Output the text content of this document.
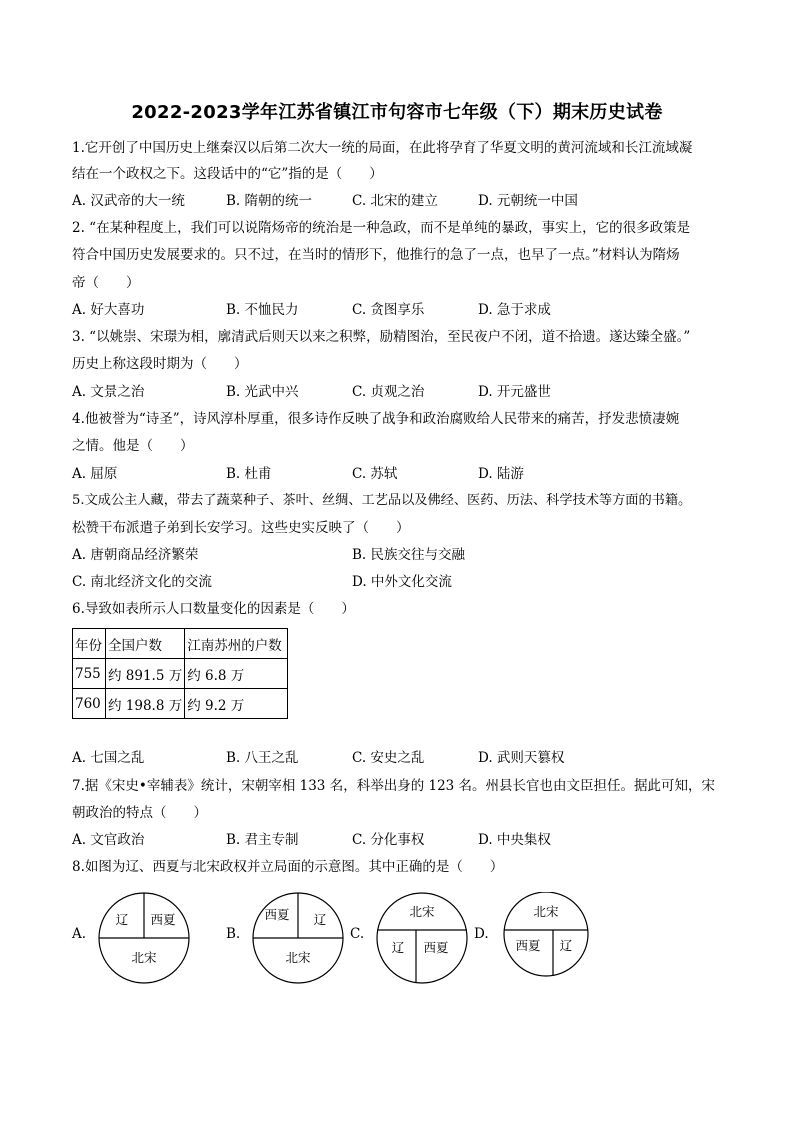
2022-2023学年江苏省镇江市句容市七年级（下）期末历史试卷
1.它开创了中国历史上继秦汉以后第二次大一统的局面，在此将孕育了华夏文明的黄河流域和长江流域凝
结在一个政权之下。这段话中的“它”指的是（　　）
A. 汉武帝的大一统	B. 隋朝的统一	C. 北宋的建立	D. 元朝统一中国
2. “在某种程度上，我们可以说隋炀帝的统治是一种急政，而不是单纯的暴政，事实上，它的很多政策是
符合中国历史发展要求的。只不过，在当时的情形下，他推行的急了一点，也早了一点。”材料认为隋炀
帝（　　）
A. 好大喜功	B. 不恤民力	C. 贪图享乐	D. 急于求成
3. “以姚崇、宋璟为相，廓清武后则天以来之积弊，励精图治，至民夜户不闭，道不拾遗。遂达臻全盛。”
历史上称这段时期为（　　）
A. 文景之治	B. 光武中兴	C. 贞观之治	D. 开元盛世
4.他被誉为“诗圣”，诗风淳朴厚重，很多诗作反映了战争和政治腐败给人民带来的痛苦，抒发悲愤凄婉
之情。他是（　　）
A. 屈原	B. 杜甫	C. 苏轼	D. 陆游
5.文成公主人藏，带去了蔬菜种子、茶叶、丝绸、工艺品以及佛经、医药、历法、科学技术等方面的书籍。
松赞干布派遣子弟到长安学习。这些史实反映了（　　）
A. 唐朝商品经济繁荣	B. 民族交往与交融
C. 南北经济文化的交流	D. 中外文化交流
6.导致如表所示人口数量变化的因素是（　　）
年份	全国户数	江南苏州的户数
755	约 891.5 万	约 6.8 万
760	约 198.8 万	约 9.2 万
A. 七国之乱	B. 八王之乱	C. 安史之乱	D. 武则天篡权
7.据《宋史•宰辅表》统计，宋朝宰相 133 名，科举出身的 123 名。州县长官也由文臣担任。据此可知，宋
朝政治的特点（　　）
A. 文官政治	B. 君主专制	C. 分化事权	D. 中央集权
8.如图为辽、西夏与北宋政权并立局面的示意图。其中正确的是（　　）
A.
辽 西夏
北宋
B.
西夏 辽
北宋
C.
北宋
辽 西夏
D.
北宋
西夏 辽
